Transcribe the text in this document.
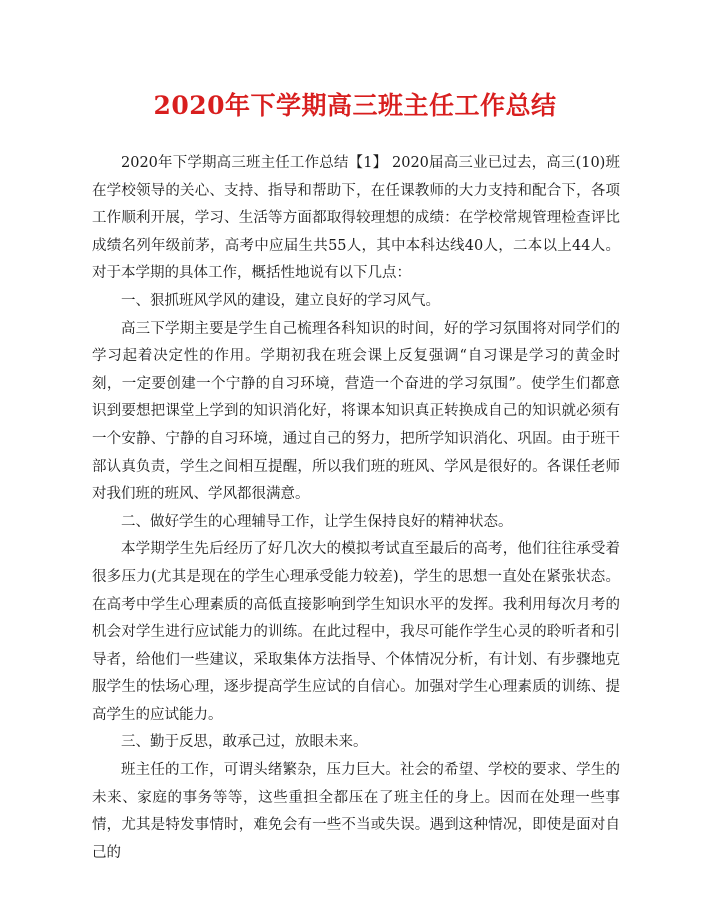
2020年下学期高三班主任工作总结

2020年下学期高三班主任工作总结【1】 2020届高三业已过去，高三(10)班在学校领导的关心、支持、指导和帮助下，在任课教师的大力支持和配合下，各项工作顺利开展，学习、生活等方面都取得较理想的成绩：在学校常规管理检查评比成绩名列年级前茅，高考中应届生共55人，其中本科达线40人，二本以上44人。对于本学期的具体工作，概括性地说有以下几点：

一、狠抓班风学风的建设，建立良好的学习风气。

高三下学期主要是学生自己梳理各科知识的时间，好的学习氛围将对同学们的学习起着决定性的作用。学期初我在班会课上反复强调“自习课是学习的黄金时刻，一定要创建一个宁静的自习环境，营造一个奋进的学习氛围”。使学生们都意识到要想把课堂上学到的知识消化好，将课本知识真正转换成自己的知识就必须有一个安静、宁静的自习环境，通过自己的努力，把所学知识消化、巩固。由于班干部认真负责，学生之间相互提醒，所以我们班的班风、学风是很好的。各课任老师对我们班的班风、学风都很满意。

二、做好学生的心理辅导工作，让学生保持良好的精神状态。

本学期学生先后经历了好几次大的模拟考试直至最后的高考，他们往往承受着很多压力(尤其是现在的学生心理承受能力较差)，学生的思想一直处在紧张状态。在高考中学生心理素质的高低直接影响到学生知识水平的发挥。我利用每次月考的机会对学生进行应试能力的训练。在此过程中，我尽可能作学生心灵的聆听者和引导者，给他们一些建议，采取集体方法指导、个体情况分析，有计划、有步骤地克服学生的怯场心理，逐步提高学生应试的自信心。加强对学生心理素质的训练、提高学生的应试能力。

三、勤于反思，敢承己过，放眼未来。

班主任的工作，可谓头绪繁杂，压力巨大。社会的希望、学校的要求、学生的未来、家庭的事务等等，这些重担全都压在了班主任的身上。因而在处理一些事情，尤其是特发事情时，难免会有一些不当或失误。遇到这种情况，即使是面对自己的
